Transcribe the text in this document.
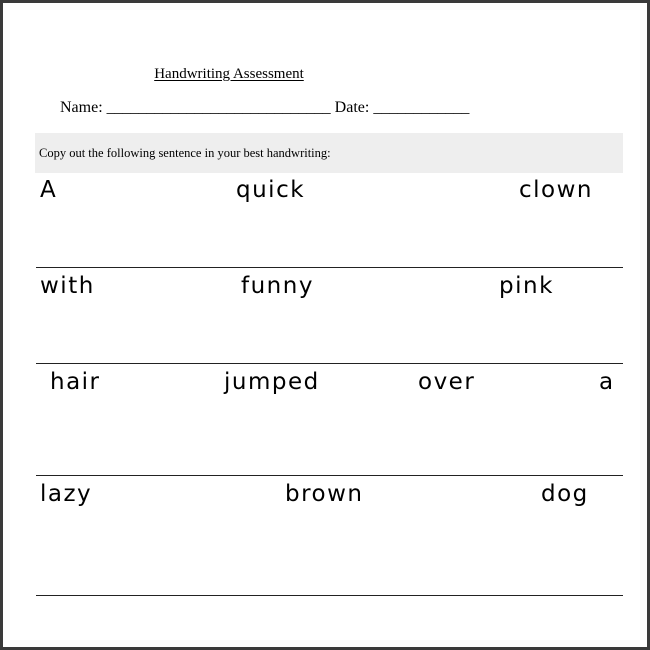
Handwriting Assessment
Name: ____________________________ Date: ____________
Copy out the following sentence in your best handwriting:
A	quick	clown
with	funny	pink
hair	jumped	over	a
lazy	brown	dog
